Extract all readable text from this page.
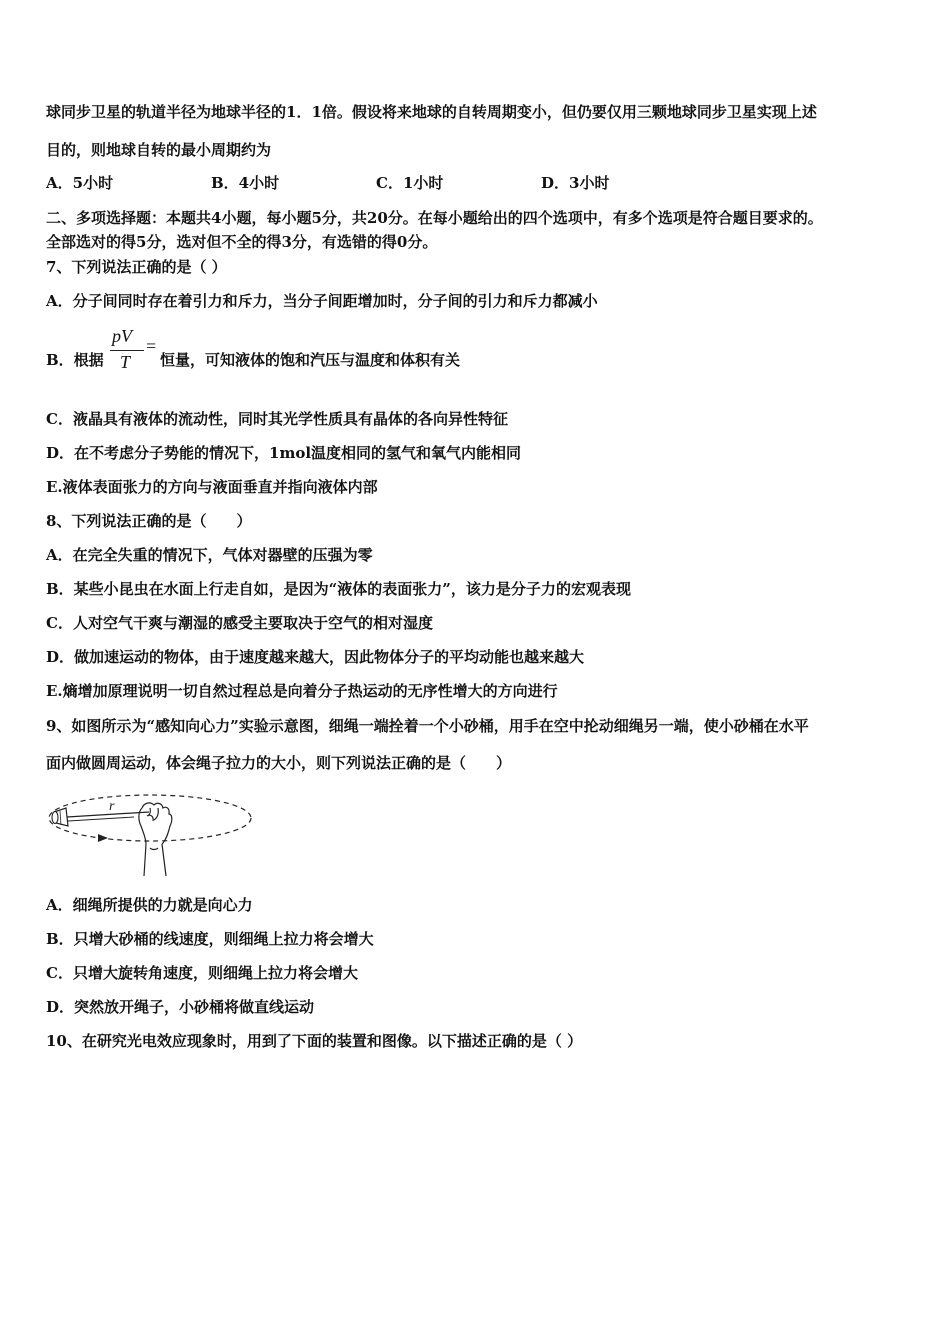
球同步卫星的轨道半径为地球半径的1．1倍。假设将来地球的自转周期变小，但仍要仅用三颗地球同步卫星实现上述
目的，则地球自转的最小周期约为
A．5小时	B．4小时	C．1小时	D．3小时
二、多项选择题：本题共4小题，每小题5分，共20分。在每小题给出的四个选项中，有多个选项是符合题目要求的。
全部选对的得5分，选对但不全的得3分，有选错的得0分。
7、下列说法正确的是（ ）
A．分子间同时存在着引力和斥力，当分子间距增加时，分子间的引力和斥力都减小
B．根据
pV
T
=
恒量，可知液体的饱和汽压与温度和体积有关
C．液晶具有液体的流动性，同时其光学性质具有晶体的各向异性特征
D．在不考虑分子势能的情况下，1mol温度相同的氢气和氧气内能相同
E.液体表面张力的方向与液面垂直并指向液体内部
8、下列说法正确的是（　　）
A．在完全失重的情况下，气体对器壁的压强为零
B．某些小昆虫在水面上行走自如，是因为“液体的表面张力”，该力是分子力的宏观表现
C．人对空气干爽与潮湿的感受主要取决于空气的相对湿度
D．做加速运动的物体，由于速度越来越大，因此物体分子的平均动能也越来越大
E.熵增加原理说明一切自然过程总是向着分子热运动的无序性增大的方向进行
9、如图所示为“感知向心力”实验示意图，细绳一端拴着一个小砂桶，用手在空中抡动细绳另一端，使小砂桶在水平
面内做圆周运动，体会绳子拉力的大小，则下列说法正确的是（　　）
r
A．细绳所提供的力就是向心力
B．只增大砂桶的线速度，则细绳上拉力将会增大
C．只增大旋转角速度，则细绳上拉力将会增大
D．突然放开绳子，小砂桶将做直线运动
10、在研究光电效应现象时，用到了下面的装置和图像。以下描述正确的是（ ）
